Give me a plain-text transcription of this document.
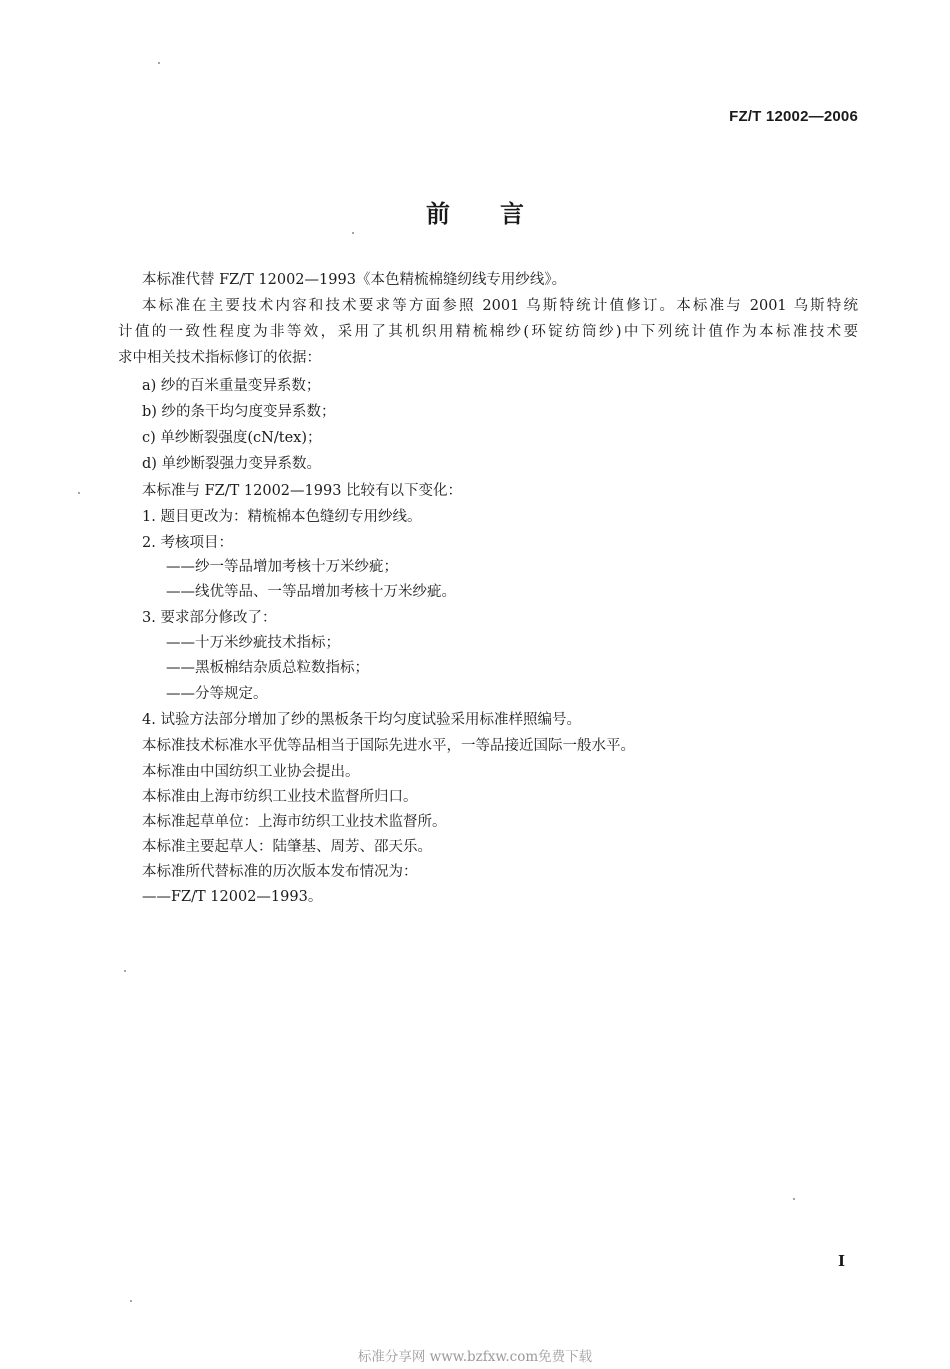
FZ/T 12002—2006
前言
本标准代替 FZ/T 12002—1993《本色精梳棉缝纫线专用纱线》。
本标准在主要技术内容和技术要求等方面参照 2001 乌斯特统计值修订。本标准与 2001 乌斯特统
计值的一致性程度为非等效，采用了其机织用精梳棉纱(环锭纺筒纱)中下列统计值作为本标准技术要
求中相关技术指标修订的依据：
a) 纱的百米重量变异系数；
b) 纱的条干均匀度变异系数；
c) 单纱断裂强度(cN/tex)；
d) 单纱断裂强力变异系数。
本标准与 FZ/T 12002—1993 比较有以下变化：
1. 题目更改为：精梳棉本色缝纫专用纱线。
2. 考核项目：
——纱一等品增加考核十万米纱疵；
——线优等品、一等品增加考核十万米纱疵。
3. 要求部分修改了：
——十万米纱疵技术指标；
——黑板棉结杂质总粒数指标；
——分等规定。
4. 试验方法部分增加了纱的黑板条干均匀度试验采用标准样照编号。
本标准技术标准水平优等品相当于国际先进水平，一等品接近国际一般水平。
本标准由中国纺织工业协会提出。
本标准由上海市纺织工业技术监督所归口。
本标准起草单位：上海市纺织工业技术监督所。
本标准主要起草人：陆肇基、周芳、邵天乐。
本标准所代替标准的历次版本发布情况为：
——FZ/T 12002—1993。
I
标准分享网 www.bzfxw.com免费下载
